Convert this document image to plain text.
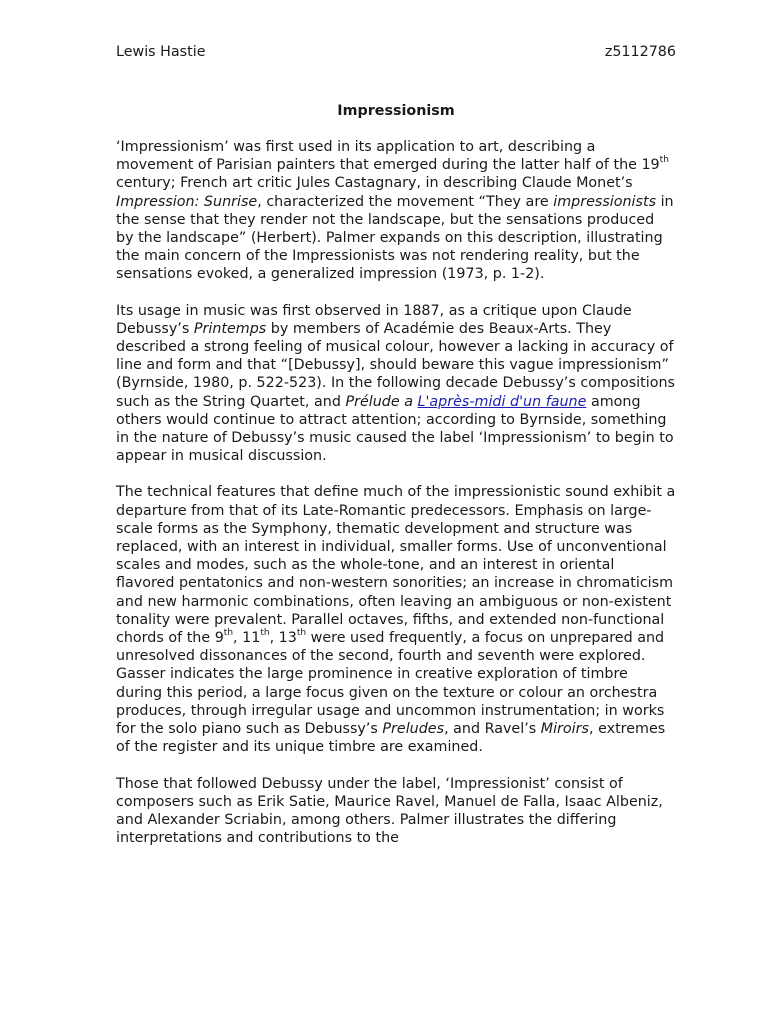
Lewis Hastie	z5112786
Impressionism

‘Impressionism’ was first used in its application to art, describing a movement of Parisian painters that emerged during the latter half of the 19th century; French art critic Jules Castagnary, in describing Claude Monet’s Impression: Sunrise, characterized the movement “They are impressionists in the sense that they render not the landscape, but the sensations produced by the landscape” (Herbert). Palmer expands on this description, illustrating the main concern of the Impressionists was not rendering reality, but the sensations evoked, a generalized impression (1973, p. 1-2).

Its usage in music was first observed in 1887, as a critique upon Claude Debussy’s Printemps by members of Académie des Beaux-Arts. They described a strong feeling of musical colour, however a lacking in accuracy of line and form and that “[Debussy], should beware this vague impressionism” (Byrnside, 1980, p. 522-523). In the following decade Debussy’s compositions such as the String Quartet, and Prélude a L'après-midi d'un faune among others would continue to attract attention; according to Byrnside, something in the nature of Debussy’s music caused the label ‘Impressionism’ to begin to appear in musical discussion.

The technical features that define much of the impressionistic sound exhibit a departure from that of its Late-Romantic predecessors. Emphasis on large-scale forms as the Symphony, thematic development and structure was replaced, with an interest in individual, smaller forms. Use of unconventional scales and modes, such as the whole-tone, and an interest in oriental flavored pentatonics and non-western sonorities; an increase in chromaticism and new harmonic combinations, often leaving an ambiguous or non-existent tonality were prevalent. Parallel octaves, fifths, and extended non-functional chords of the 9th, 11th, 13th were used frequently, a focus on unprepared and unresolved dissonances of the second, fourth and seventh were explored. Gasser indicates the large prominence in creative exploration of timbre during this period, a large focus given on the texture or colour an orchestra produces, through irregular usage and uncommon instrumentation; in works for the solo piano such as Debussy’s Preludes, and Ravel’s Miroirs, extremes of the register and its unique timbre are examined.

Those that followed Debussy under the label, ‘Impressionist’ consist of composers such as Erik Satie, Maurice Ravel, Manuel de Falla, Isaac Albeniz, and Alexander Scriabin, among others. Palmer illustrates the differing interpretations and contributions to the
